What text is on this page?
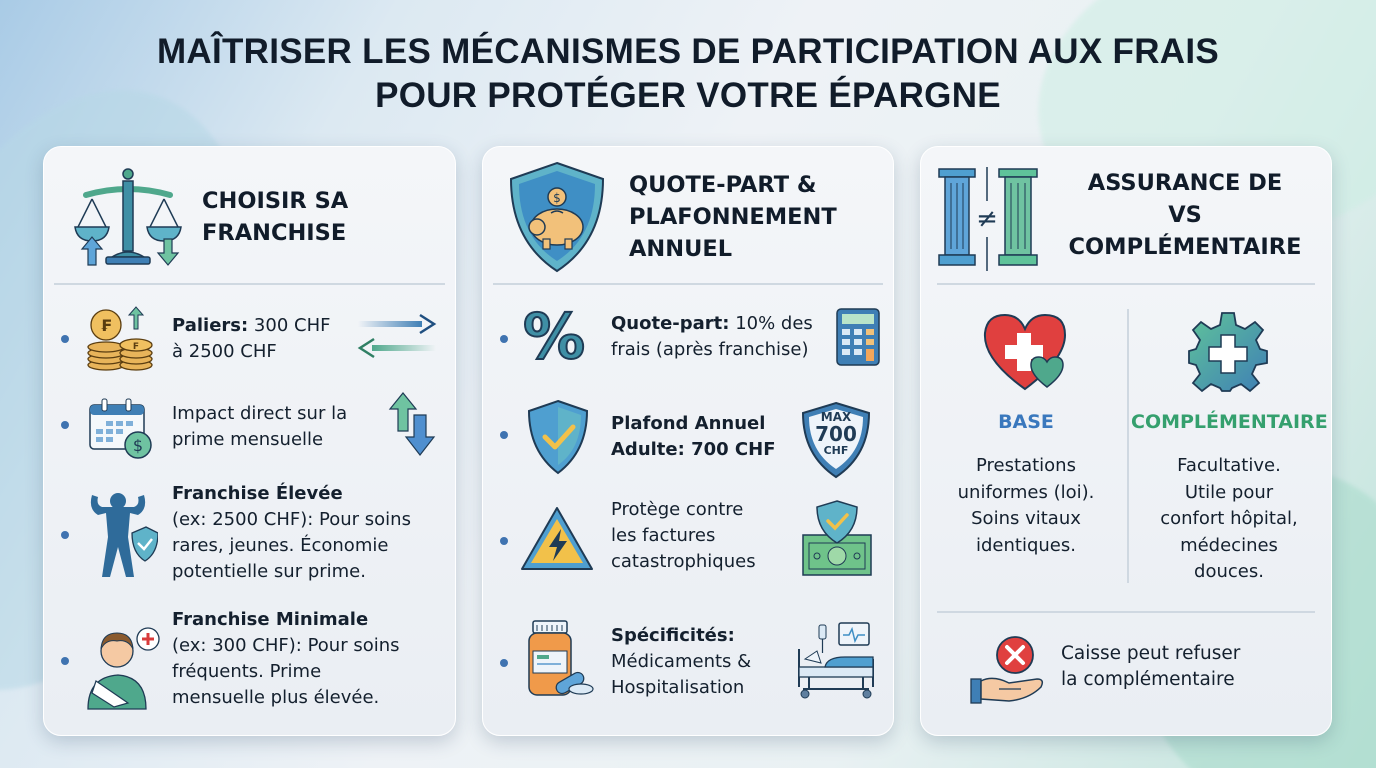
MAÎTRISER LES MÉCANISMES DE PARTICIPATION AUX FRAIS
POUR PROTÉGER VOTRE ÉPARGNE
CHOISIR SA
FRANCHISE
₣
F
Paliers: 300 CHF
à 2500 CHF
$
Impact direct sur la
prime mensuelle
Franchise Élevée
(ex: 2500 CHF): Pour soins
rares, jeunes. Économie
potentielle sur prime.
Franchise Minimale
(ex: 300 CHF): Pour soins
fréquents. Prime
mensuelle plus élevée.
$	QUOTE-PART &
PLAFONNEMENT
ANNUEL
% Quote-part: 10% des
frais (après franchise)
Plafond Annuel
Adulte: 700 CHF
MAX
700
CHF
Protège contre
les factures
catastrophiques
Spécificités:
Médicaments &
Hospitalisation
≠
ASSURANCE DE
VS
COMPLÉMENTAIRE
BASE
Prestations
uniformes (loi).
Soins vitaux
identiques.
COMPLÉMENTAIRE
Facultative.
Utile pour
confort hôpital,
médecines
douces.
Caisse peut refuser
la complémentaire
